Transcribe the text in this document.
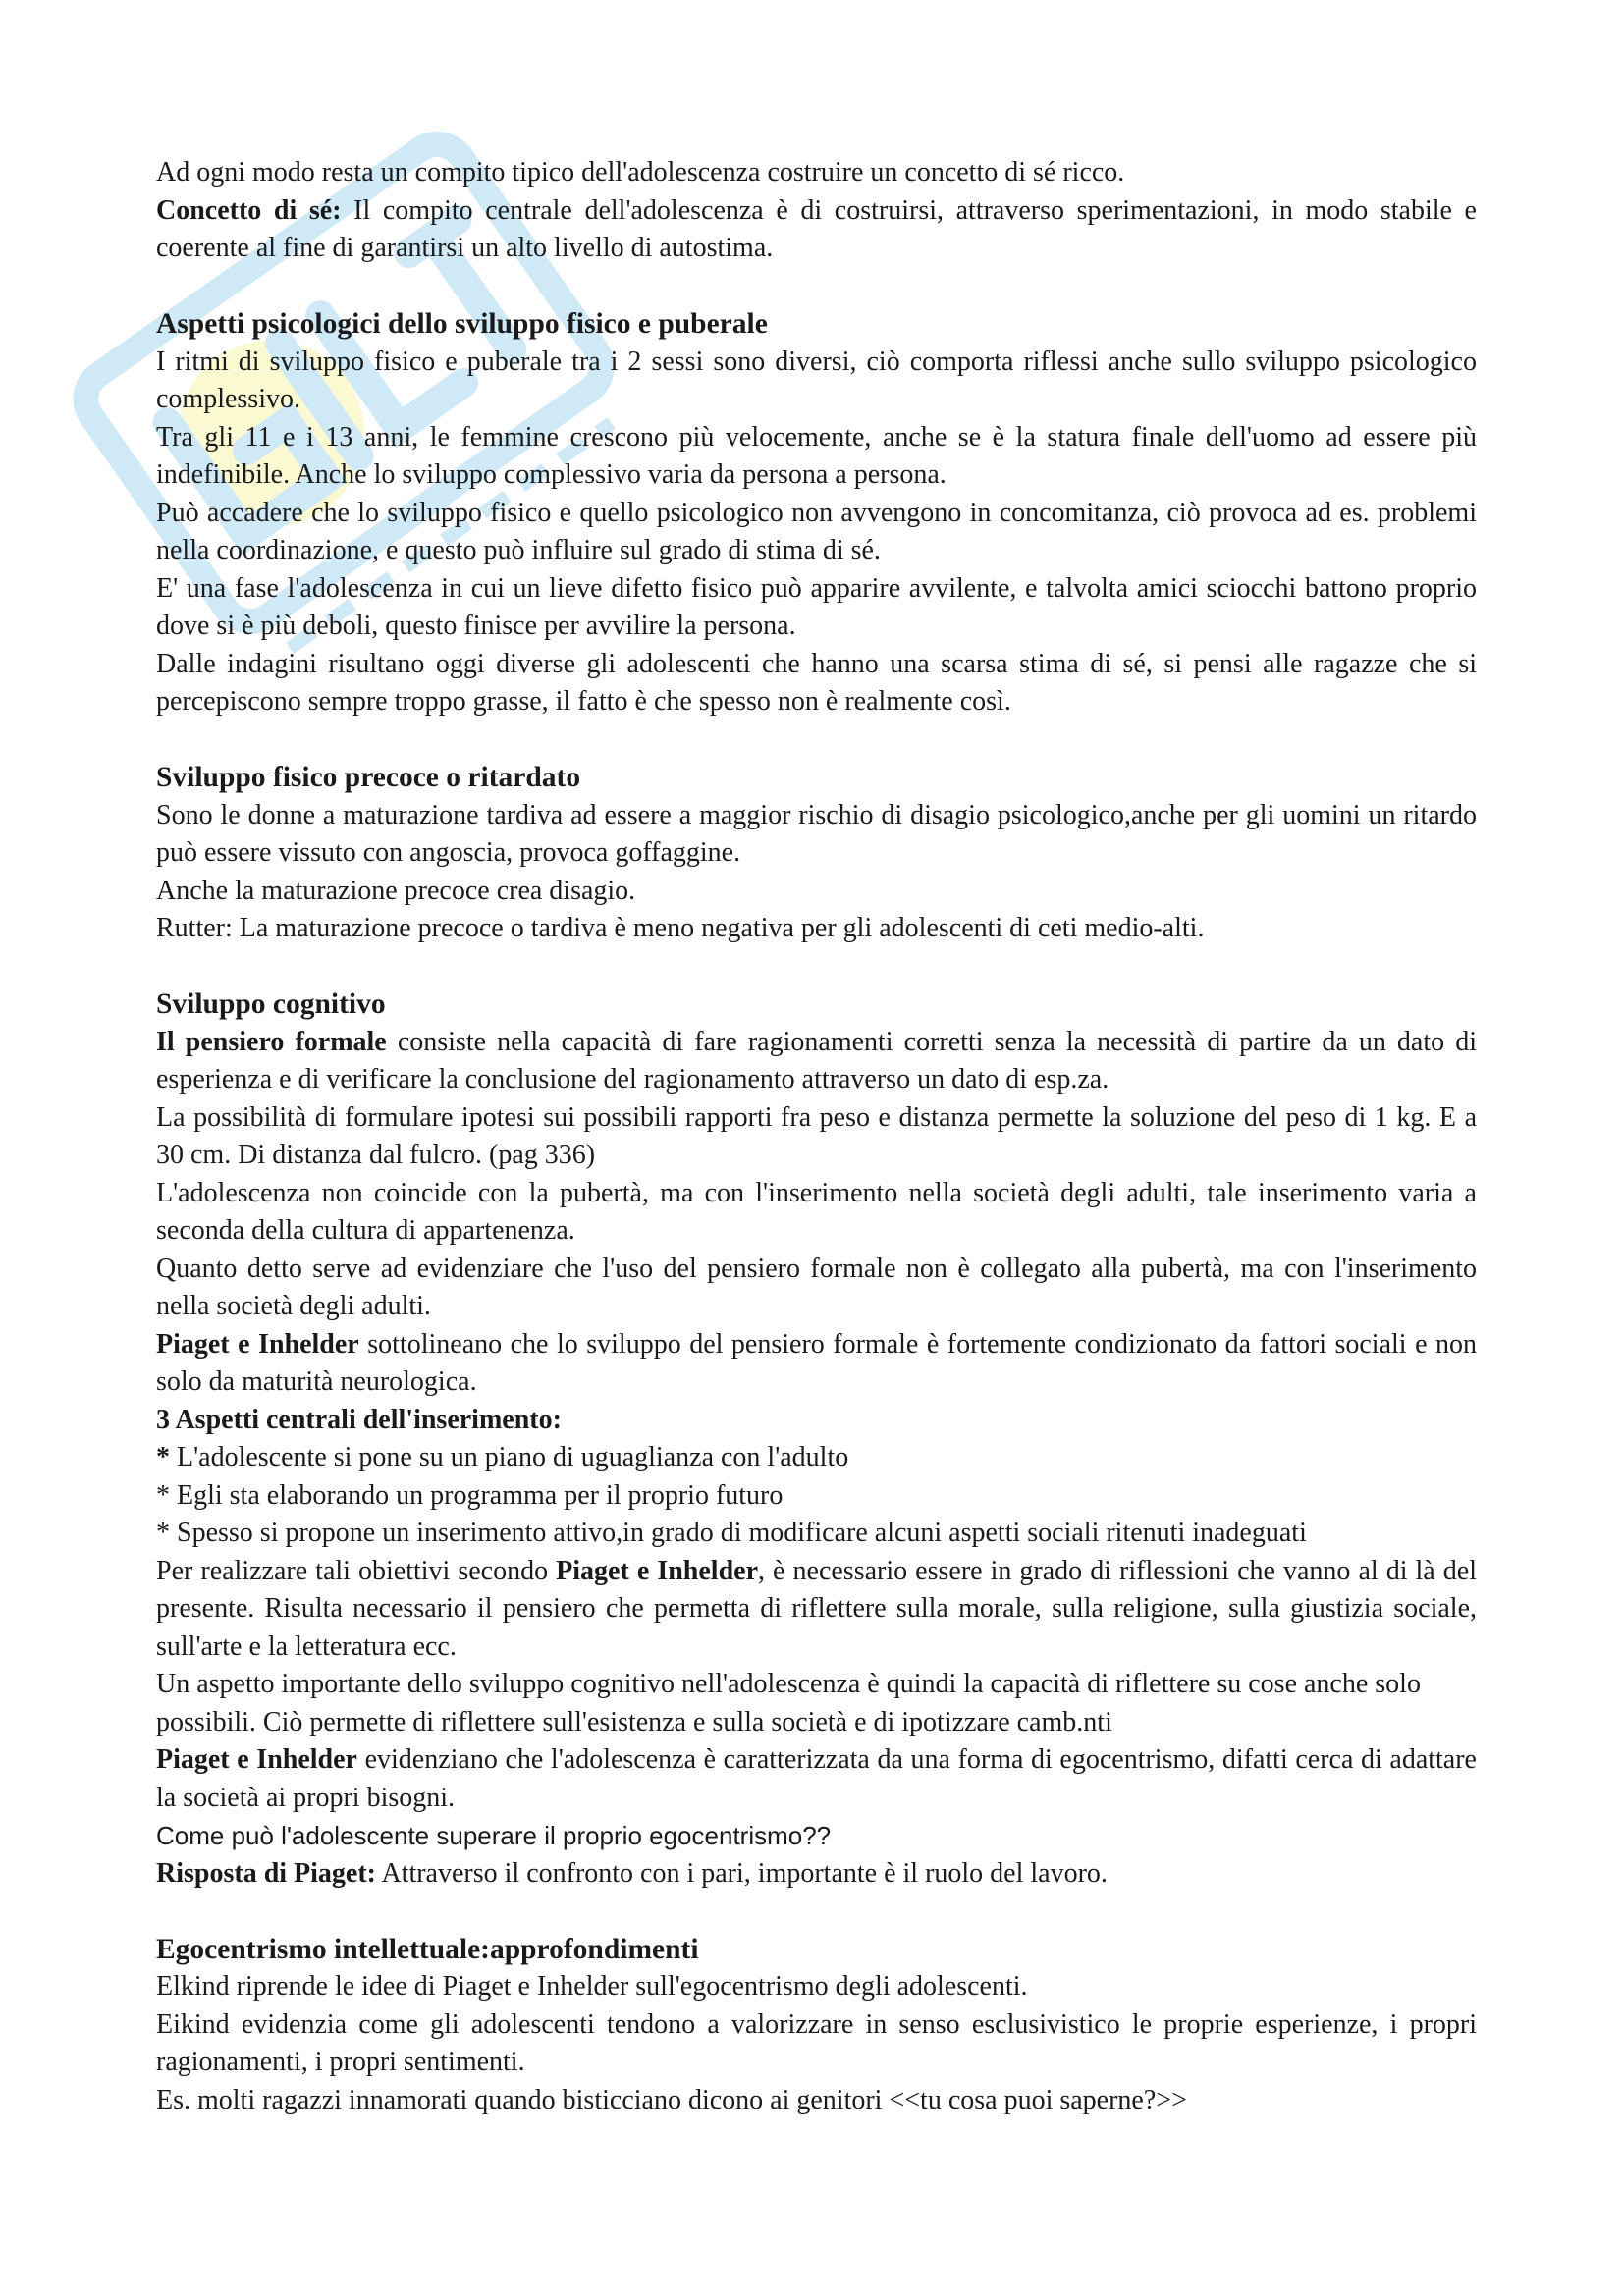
Ad ogni modo resta un compito tipico dell'adolescenza costruire un concetto di sé ricco.

Concetto di sé: Il compito centrale dell'adolescenza è di costruirsi, attraverso sperimentazioni, in modo stabile e coerente al fine di garantirsi un alto livello di autostima.

Aspetti psicologici dello sviluppo fisico e puberale

I ritmi di sviluppo fisico e puberale tra i 2 sessi sono diversi, ciò comporta riflessi anche sullo sviluppo psicologico complessivo.

Tra gli 11 e i 13 anni, le femmine crescono più velocemente, anche se è la statura finale dell'uomo ad essere più indefinibile. Anche lo sviluppo complessivo varia da persona a persona.

Può accadere che lo sviluppo fisico e quello psicologico non avvengono in concomitanza, ciò provoca ad es. problemi nella coordinazione, e questo può influire sul grado di stima di sé.

E' una fase l'adolescenza in cui un lieve difetto fisico può apparire avvilente, e talvolta amici sciocchi battono proprio dove si è più deboli, questo finisce per avvilire la persona.

Dalle indagini risultano oggi diverse gli adolescenti che hanno una scarsa stima di sé, si pensi alle ragazze che si percepiscono sempre troppo grasse, il fatto è che spesso non è realmente così.

Sviluppo fisico precoce o ritardato

Sono le donne a maturazione tardiva ad essere a maggior rischio di disagio psicologico,anche per gli uomini un ritardo può essere vissuto con angoscia, provoca goffaggine.

Anche la maturazione precoce crea disagio.

Rutter: La maturazione precoce o tardiva è meno negativa per gli adolescenti di ceti medio-alti.

Sviluppo cognitivo

Il pensiero formale consiste nella capacità di fare ragionamenti corretti senza la necessità di partire da un dato di esperienza e di verificare la conclusione del ragionamento attraverso un dato di esp.za.

La possibilità di formulare ipotesi sui possibili rapporti fra peso e distanza permette la soluzione del peso di 1 kg. E a 30 cm. Di distanza dal fulcro. (pag 336)

L'adolescenza non coincide con la pubertà, ma con l'inserimento nella società degli adulti, tale inserimento varia a seconda della cultura di appartenenza.

Quanto detto serve ad evidenziare che l'uso del pensiero formale non è collegato alla pubertà, ma con l'inserimento nella società degli adulti.

Piaget e Inhelder sottolineano che lo sviluppo del pensiero formale è fortemente condizionato da fattori sociali e non solo da maturità neurologica.

3 Aspetti centrali dell'inserimento:

* L'adolescente si pone su un piano di uguaglianza con l'adulto

* Egli sta elaborando un programma per il proprio futuro

* Spesso si propone un inserimento attivo,in grado di modificare alcuni aspetti sociali ritenuti inadeguati

Per realizzare tali obiettivi secondo Piaget e Inhelder, è necessario essere in grado di riflessioni che vanno al di là del presente. Risulta necessario il pensiero che permetta di riflettere sulla morale, sulla religione, sulla giustizia sociale, sull'arte e la letteratura ecc.

Un aspetto importante dello sviluppo cognitivo nell'adolescenza è quindi la capacità di riflettere su cose anche solo possibili. Ciò permette di riflettere sull'esistenza e sulla società e di ipotizzare camb.nti

Piaget e Inhelder evidenziano che l'adolescenza è caratterizzata da una forma di egocentrismo, difatti cerca di adattare la società ai propri bisogni.

Come può l'adolescente superare il proprio egocentrismo??

Risposta di Piaget: Attraverso il confronto con i pari, importante è il ruolo del lavoro.

Egocentrismo intellettuale:approfondimenti

Elkind riprende le idee di Piaget e Inhelder sull'egocentrismo degli adolescenti.

Eikind evidenzia come gli adolescenti tendono a valorizzare in senso esclusivistico le proprie esperienze, i propri ragionamenti, i propri sentimenti.

Es. molti ragazzi innamorati quando bisticciano dicono ai genitori <<tu cosa puoi saperne?>>
